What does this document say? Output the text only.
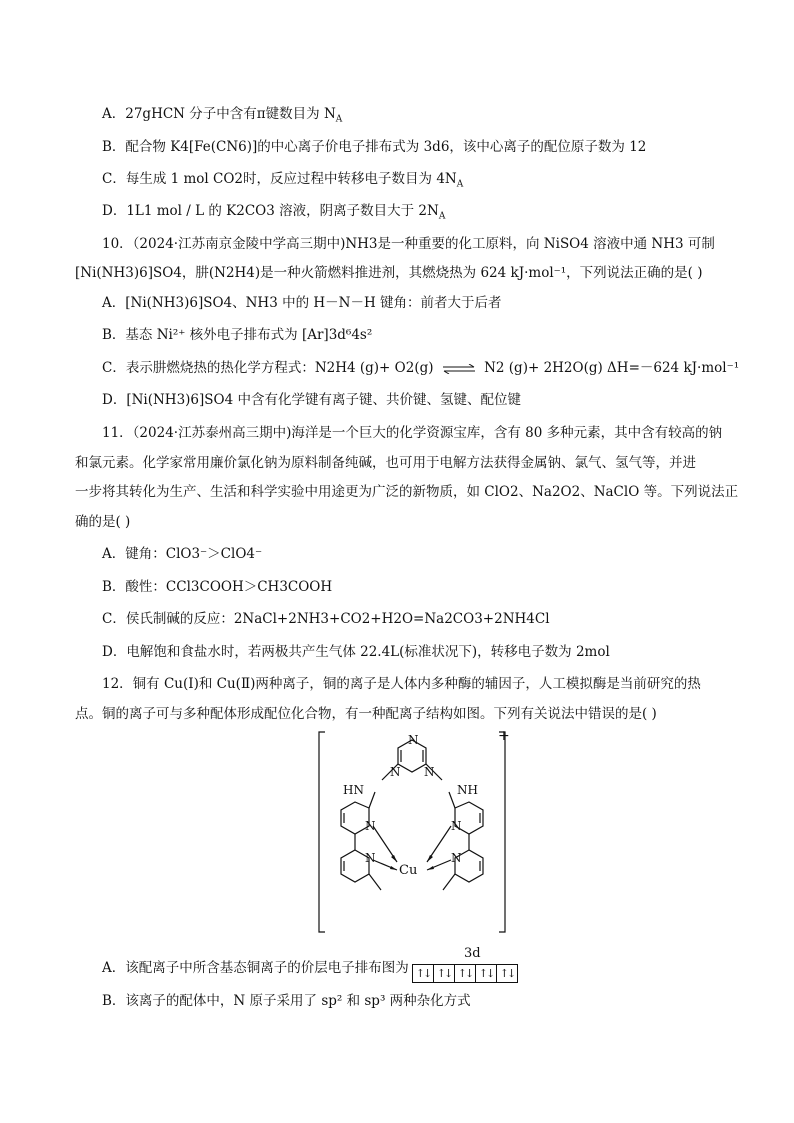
A．27gHCN 分子中含有π键数目为 $N_A$
B．配合物 K4[Fe(CN6)]的中心离子价电子排布式为 3d6，该中心离子的配位原子数为 12
C．每生成 1 mol CO2时，反应过程中转移电子数目为 $4N_A$
D．1L1 mol / L 的 K2CO3 溶液，阴离子数目大于 $2N_A$
10．（2024·江苏南京金陵中学高三期中)NH3是一种重要的化工原料，向 NiSO4 溶液中通 NH3 可制
[Ni(NH3)6]SO4，肼(N2H4)是一种火箭燃料推进剂，其燃烧热为 624 kJ·mol⁻¹，下列说法正确的是( )
A．[Ni(NH3)6]SO4、NH3 中的 H－N－H 键角：前者大于后者
B．基态 Ni²⁺ 核外电子排布式为 [Ar]3d⁶4s²
C．表示肼燃烧热的热化学方程式：N2H4 (g)+ O2(g) ⇌ N2 (g)+ 2H2O(g) ΔH=－624 kJ·mol⁻¹
D．[Ni(NH3)6]SO4 中含有化学键有离子键、共价键、氢键、配位键
11．（2024·江苏泰州高三期中)海洋是一个巨大的化学资源宝库，含有 80 多种元素，其中含有较高的钠
和氯元素。化学家常用廉价氯化钠为原料制备纯碱，也可用于电解方法获得金属钠、氯气、氢气等，并进
一步将其转化为生产、生活和科学实验中用途更为广泛的新物质，如 ClO2、Na2O2、NaClO 等。下列说法正
确的是( )
A．键角：ClO3⁻＞ClO4⁻
B．酸性：CCl3COOH＞CH3COOH
C．侯氏制碱的反应：2NaCl+2NH3+CO2+H2O=Na2CO3+2NH4Cl
D．电解饱和食盐水时，若两极共产生气体 22.4L(标准状况下)，转移电子数为 2mol
12．铜有 Cu(Ⅰ)和 Cu(Ⅱ)两种离子，铜的离子是人体内多种酶的辅因子，人工模拟酶是当前研究的热
点。铜的离子可与多种配体形成配位化合物，有一种配离子结构如图。下列有关说法中错误的是( )
N
N N
HN	NH
N	N
N	N
Cu
+
A．该配离子中所含基态铜离子的价层电子排布图为
3d
↑↓ ↑↓ ↑↓ ↑↓ ↑↓
B．该离子的配体中，N 原子采用了 sp² 和 sp³ 两种杂化方式
